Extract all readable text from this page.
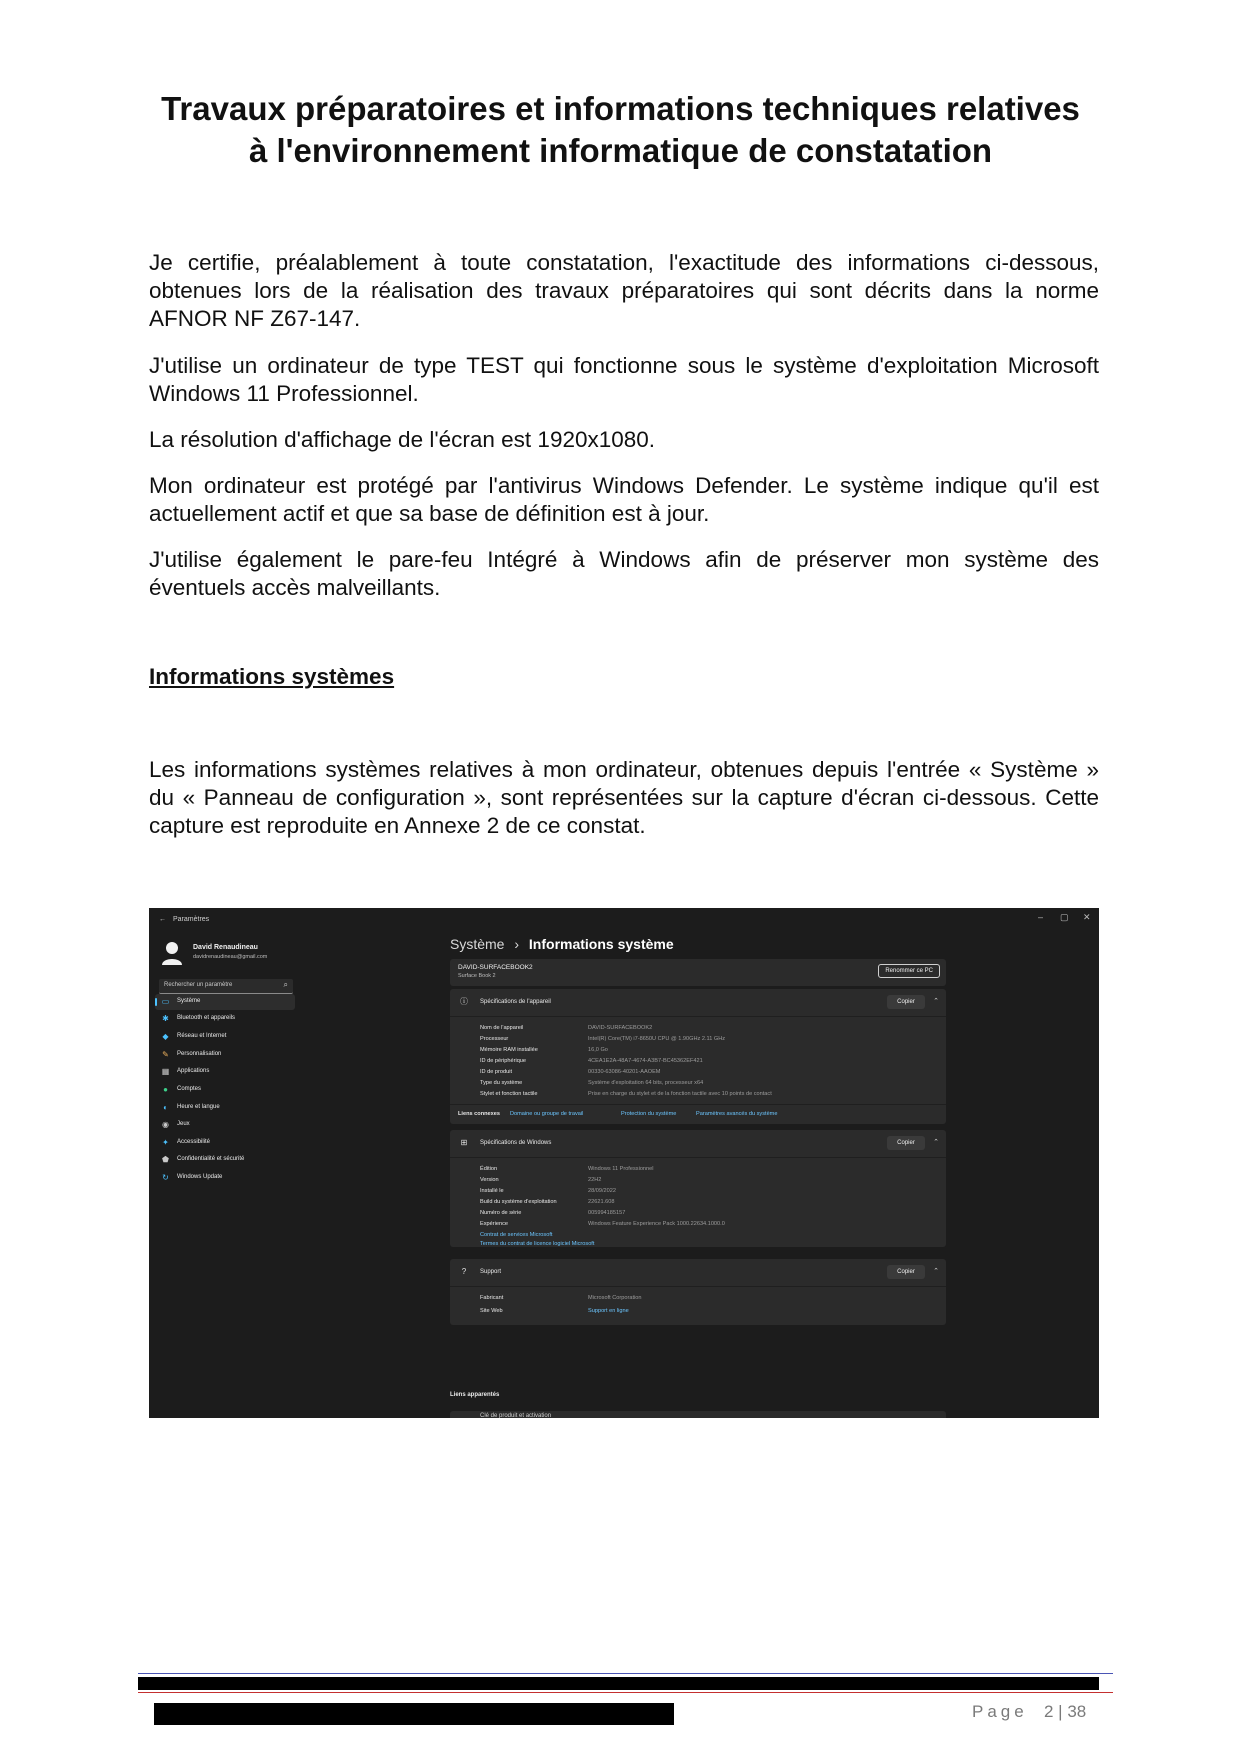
Travaux préparatoires et informations techniques relatives
à l'environnement informatique de constatation
Je certifie, préalablement à toute constatation, l'exactitude des informations ci-dessous, obtenues lors de la réalisation des travaux préparatoires qui sont décrits dans la norme AFNOR NF Z67-147.
J'utilise un ordinateur de type TEST qui fonctionne sous le système d'exploitation Microsoft Windows 11 Professionnel.
La résolution d'affichage de l'écran est 1920x1080.
Mon ordinateur est protégé par l'antivirus Windows Defender. Le système indique qu'il est actuellement actif et que sa base de définition est à jour.
J'utilise également le pare-feu Intégré à Windows afin de préserver mon système des éventuels accès malveillants.
Informations systèmes
Les informations systèmes relatives à mon ordinateur, obtenues depuis l'entrée « Système » du « Panneau de configuration », sont représentées sur la capture d'écran ci-dessous. Cette capture est reproduite en Annexe 2 de ce constat.
← Paramètres	– ▢ ✕
David Renaudineau
davidrenaudineau@gmail.com
Rechercher un paramètre	⌕
▭ Système
✱ Bluetooth et appareils
◆ Réseau et Internet
✎ Personnalisation
▦ Applications
●	Comptes
◐	Heure et langue
◉ Jeux
✦ Accessibilité
⬟ Confidentialité et sécurité
↻ Windows Update
Système › Informations système
DAVID-SURFACEBOOK2
Surface Book 2
Renommer ce PC
ⓘ Spécifications de l'appareil	Copier	⌃
Nom de l'appareil	DAVID-SURFACEBOOK2
Processeur	Intel(R) Core(TM) i7-8650U CPU @ 1.90GHz 2.11 GHz
Mémoire RAM installée	16,0 Go
ID de périphérique	4CEA1E2A-48A7-4674-A3B7-BC45362EF421
ID de produit	00330-63086-40201-AAOEM
Type du système	Système d'exploitation 64 bits, processeur x64
Stylet et fonction tactile	Prise en charge du stylet et de la fonction tactile avec 10 points de contact
Liens connexes Domaine ou groupe de travail	Protection du système	Paramètres avancés du système
⊞ Spécifications de Windows	Copier	⌃
Édition	Windows 11 Professionnel
Version	22H2
Installé le	28/09/2022
Build du système d'exploitation	22621.608
Numéro de série	005994185157
Expérience	Windows Feature Experience Pack 1000.22634.1000.0
Contrat de services Microsoft
Termes du contrat de licence logiciel Microsoft
?	Support	Copier	⌃
Fabricant	Microsoft Corporation
Site Web	Support en ligne
Liens apparentés
Clé de produit et activation
Page 2 | 38
